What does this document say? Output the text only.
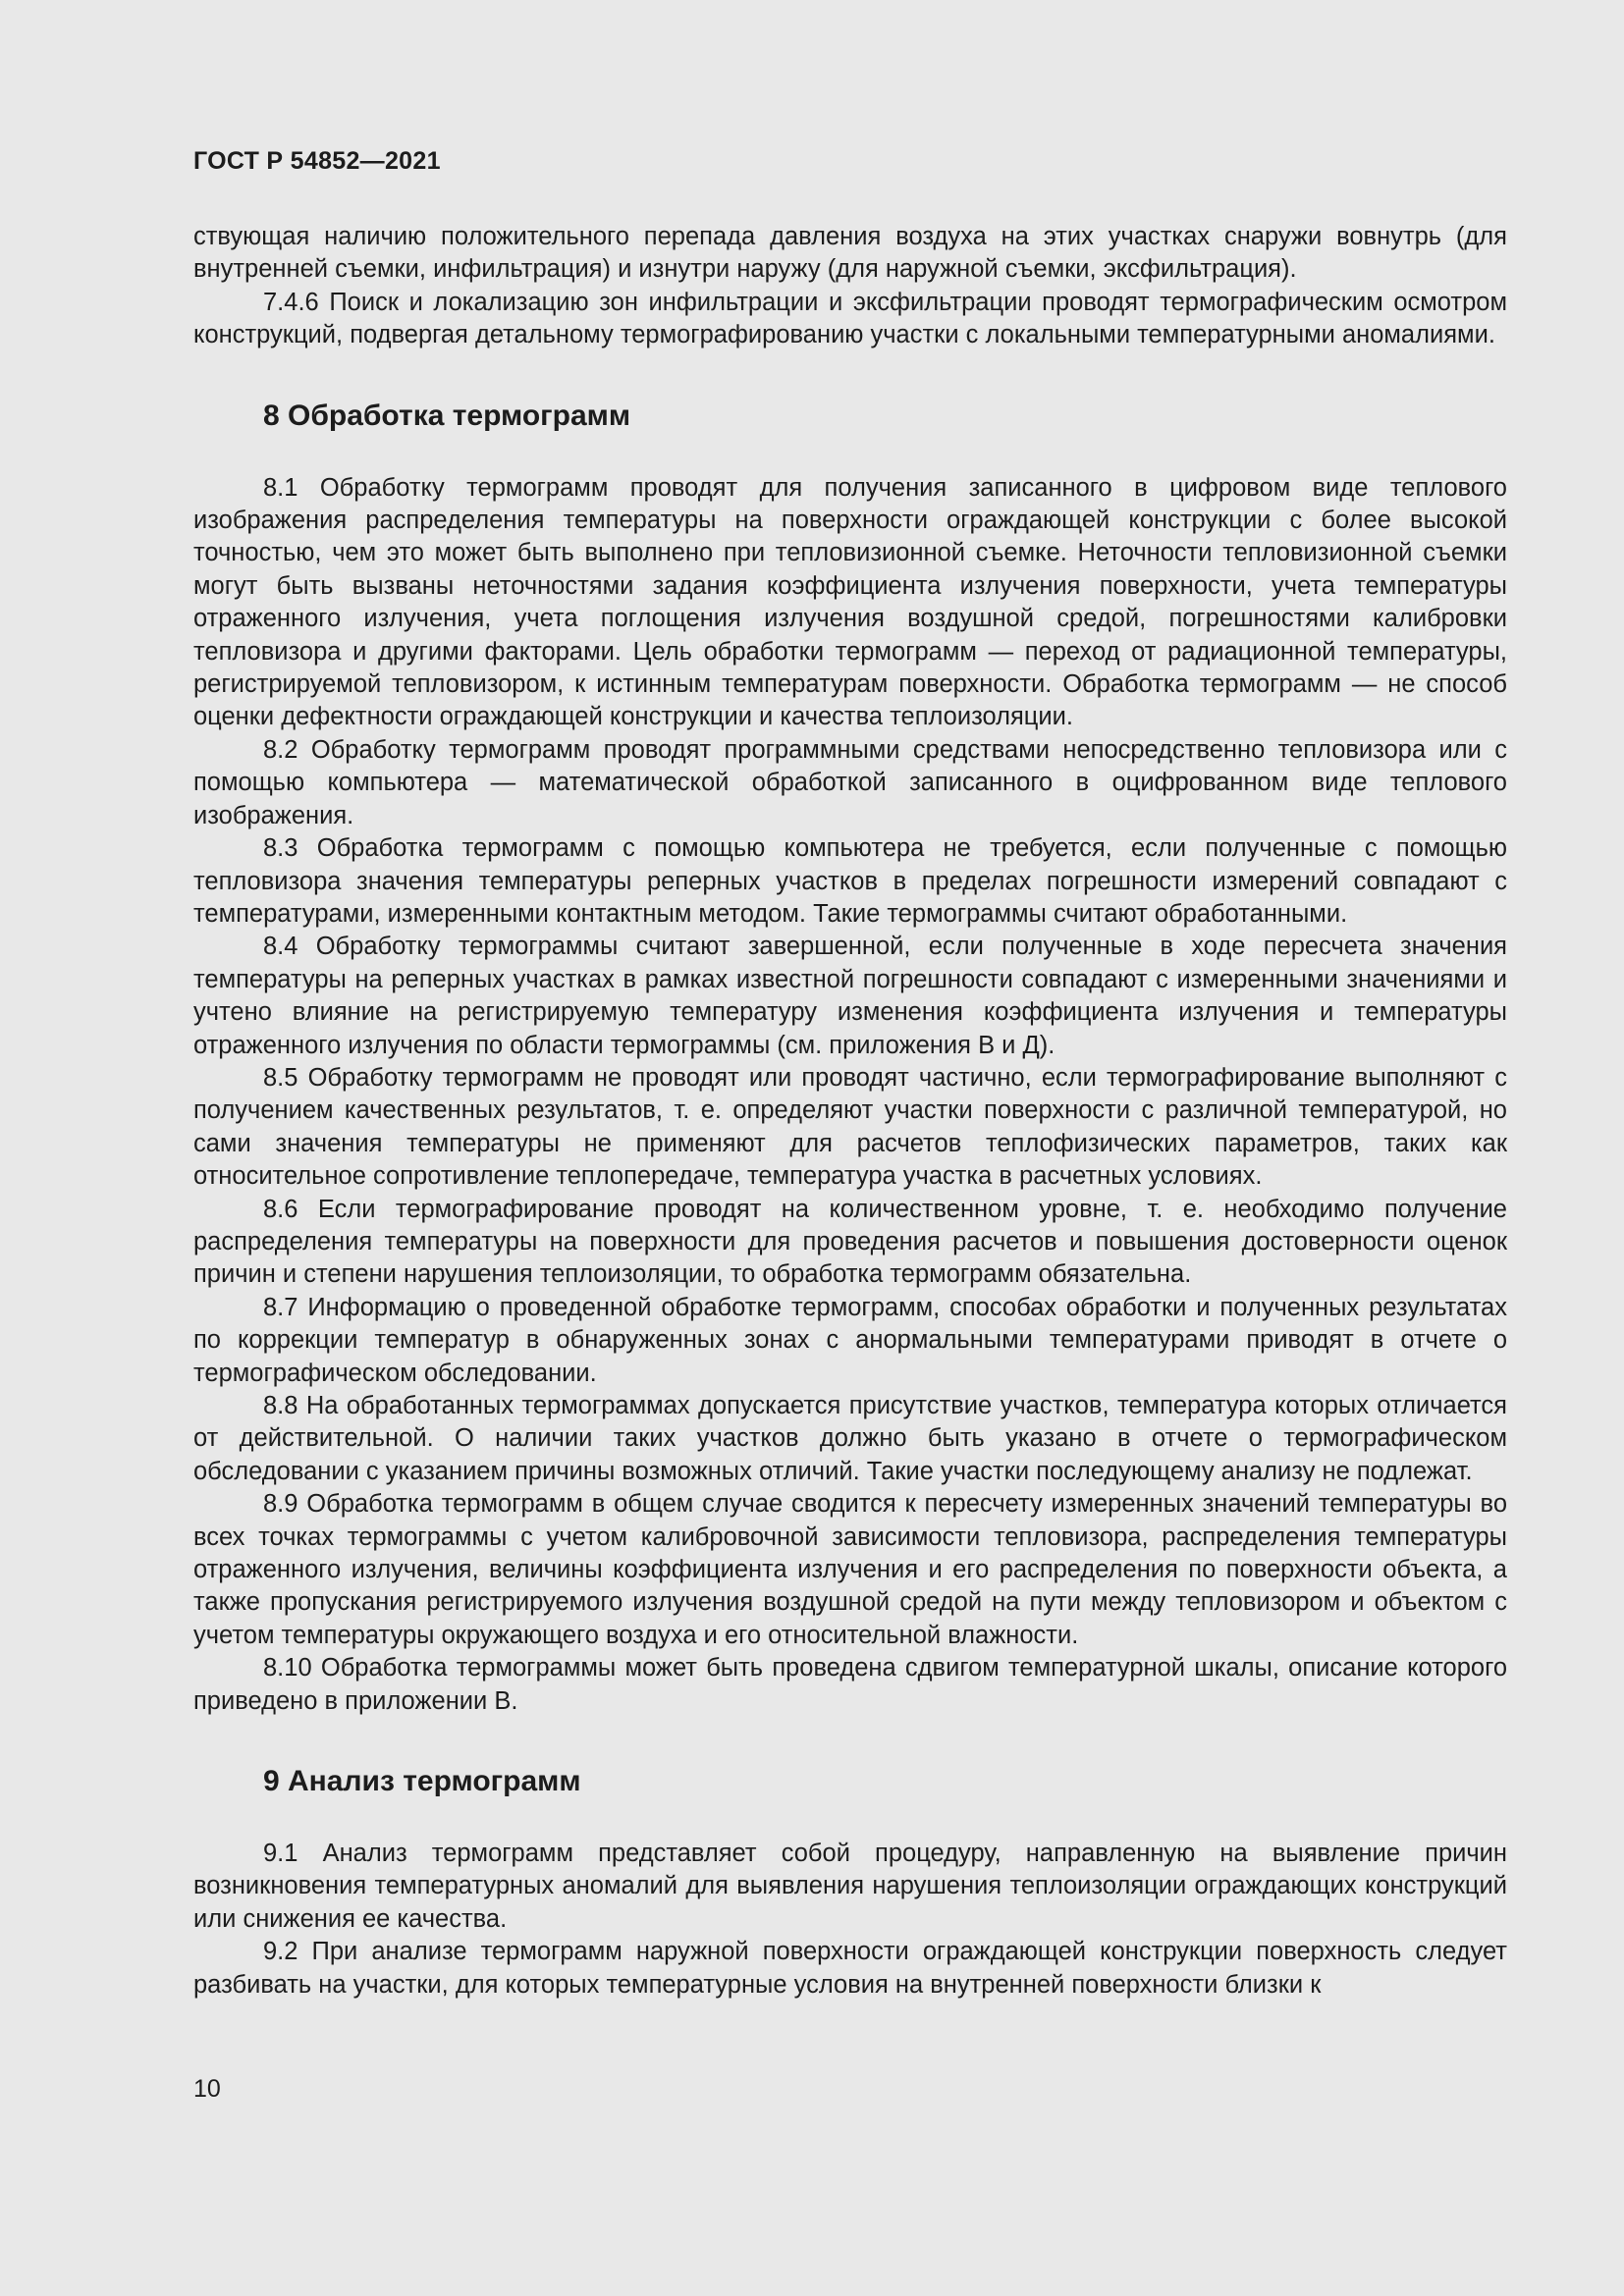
ГОСТ Р 54852—2021

ствующая наличию положительного перепада давления воздуха на этих участках снаружи вовнутрь (для внутренней съемки, инфильтрация) и изнутри наружу (для наружной съемки, эксфильтрация).

7.4.6 Поиск и локализацию зон инфильтрации и эксфильтрации проводят термографическим осмотром конструкций, подвергая детальному термографированию участки с локальными температурными аномалиями.

8 Обработка термограмм

8.1 Обработку термограмм проводят для получения записанного в цифровом виде теплового изображения распределения температуры на поверхности ограждающей конструкции с более высокой точностью, чем это может быть выполнено при тепловизионной съемке. Неточности тепловизионной съемки могут быть вызваны неточностями задания коэффициента излучения поверхности, учета температуры отраженного излучения, учета поглощения излучения воздушной средой, погрешностями калибровки тепловизора и другими факторами. Цель обработки термограмм — переход от радиационной температуры, регистрируемой тепловизором, к истинным температурам поверхности. Обработка термограмм — не способ оценки дефектности ограждающей конструкции и качества теплоизоляции.

8.2 Обработку термограмм проводят программными средствами непосредственно тепловизора или с помощью компьютера — математической обработкой записанного в оцифрованном виде теплового изображения.

8.3 Обработка термограмм с помощью компьютера не требуется, если полученные с помощью тепловизора значения температуры реперных участков в пределах погрешности измерений совпадают с температурами, измеренными контактным методом. Такие термограммы считают обработанными.

8.4 Обработку термограммы считают завершенной, если полученные в ходе пересчета значения температуры на реперных участках в рамках известной погрешности совпадают с измеренными значениями и учтено влияние на регистрируемую температуру изменения коэффициента излучения и температуры отраженного излучения по области термограммы (см. приложения В и Д).

8.5 Обработку термограмм не проводят или проводят частично, если термографирование выполняют с получением качественных результатов, т. е. определяют участки поверхности с различной температурой, но сами значения температуры не применяют для расчетов теплофизических параметров, таких как относительное сопротивление теплопередаче, температура участка в расчетных условиях.

8.6 Если термографирование проводят на количественном уровне, т. е. необходимо получение распределения температуры на поверхности для проведения расчетов и повышения достоверности оценок причин и степени нарушения теплоизоляции, то обработка термограмм обязательна.

8.7 Информацию о проведенной обработке термограмм, способах обработки и полученных результатах по коррекции температур в обнаруженных зонах с анормальными температурами приводят в отчете о термографическом обследовании.

8.8 На обработанных термограммах допускается присутствие участков, температура которых отличается от действительной. О наличии таких участков должно быть указано в отчете о термографическом обследовании с указанием причины возможных отличий. Такие участки последующему анализу не подлежат.

8.9 Обработка термограмм в общем случае сводится к пересчету измеренных значений температуры во всех точках термограммы с учетом калибровочной зависимости тепловизора, распределения температуры отраженного излучения, величины коэффициента излучения и его распределения по поверхности объекта, а также пропускания регистрируемого излучения воздушной средой на пути между тепловизором и объектом с учетом температуры окружающего воздуха и его относительной влажности.

8.10 Обработка термограммы может быть проведена сдвигом температурной шкалы, описание которого приведено в приложении В.

9 Анализ термограмм

9.1 Анализ термограмм представляет собой процедуру, направленную на выявление причин возникновения температурных аномалий для выявления нарушения теплоизоляции ограждающих конструкций или снижения ее качества.

9.2 При анализе термограмм наружной поверхности ограждающей конструкции поверхность следует разбивать на участки, для которых температурные условия на внутренней поверхности близки к

10
